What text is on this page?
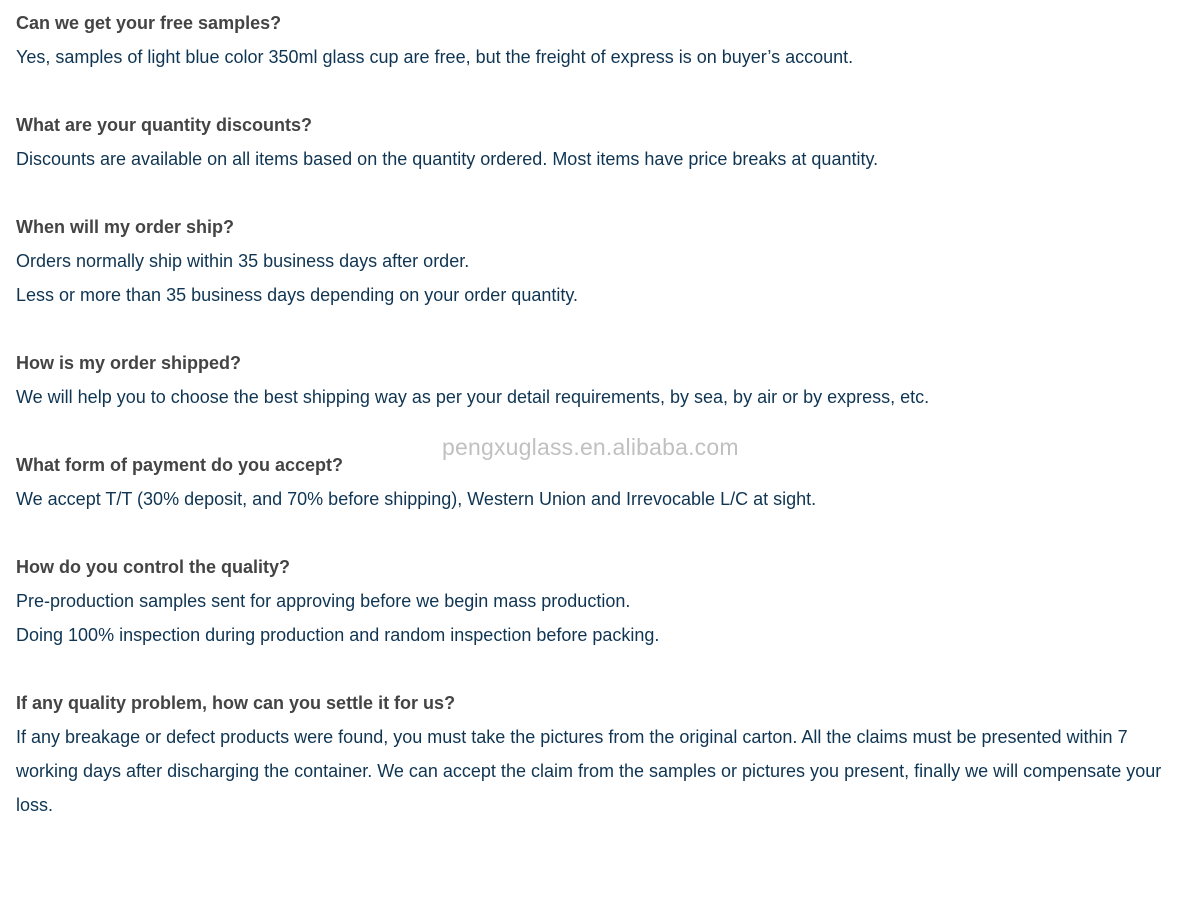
Can we get your free samples?

Yes, samples of light blue color 350ml glass cup are free, but the freight of express is on buyer’s account.

What are your quantity discounts?

Discounts are available on all items based on the quantity ordered. Most items have price breaks at quantity.

When will my order ship?

Orders normally ship within 35 business days after order.

Less or more than 35 business days depending on your order quantity.

How is my order shipped?

We will help you to choose the best shipping way as per your detail requirements, by sea, by air or by express, etc.

What form of payment do you accept?

We accept T/T (30% deposit, and 70% before shipping), Western Union and Irrevocable L/C at sight.

How do you control the quality?

Pre-production samples sent for approving before we begin mass production.

Doing 100% inspection during production and random inspection before packing.

If any quality problem, how can you settle it for us?

If any breakage or defect products were found, you must take the pictures from the original carton. All the claims must be presented within 7 working days after discharging the container. We can accept the claim from the samples or pictures you present, finally we will compensate your loss.

pengxuglass.en.alibaba.com
